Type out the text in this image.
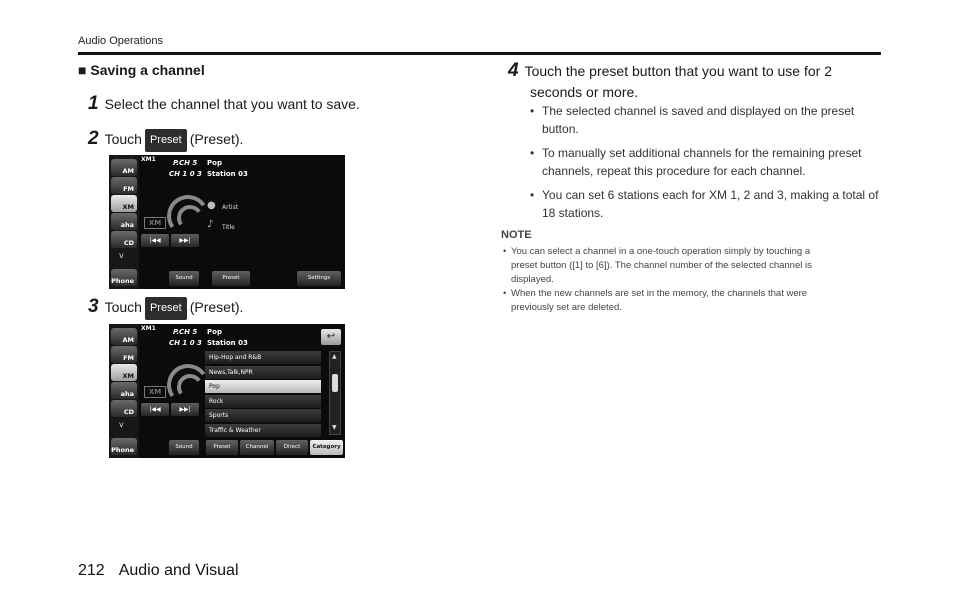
Audio Operations
■ Saving a channel
1 Select the channel that you want to save.
2 Touch Preset (Preset).
AM
FM
XM
aha
CD
v
Phone
XM1 P.CH 5
CH 1 0 3
Pop
Station 03
XM
|◀◀	▶▶|
● Artist
♪ Title
Sound	Preset	Settings
3 Touch Preset (Preset).
AM
FM
XM
aha
CD
v
Phone
XM1 P.CH 5
CH 1 0 3
Pop
Station 03
↩
XM
|◀◀	▶▶|
Hip-Hop and R&B
News,Talk,NPR
Pop
Rock
Sports
Traffic & Weather
▲
▼
Sound	Preset	Channel	Direct	Category
4 Touch the preset button that you want to use for 2
seconds or more.
• The selected channel is saved and displayed on the preset
button.
• To manually set additional channels for the remaining preset
channels, repeat this procedure for each channel.
• You can set 6 stations each for XM 1, 2 and 3, making a total of
18 stations.
NOTE
• You can select a channel in a one-touch operation simply by touching a
preset button ([1] to [6]). The channel number of the selected channel is
displayed.
• When the new channels are set in the memory, the channels that were
previously set are deleted.
212 Audio and Visual
